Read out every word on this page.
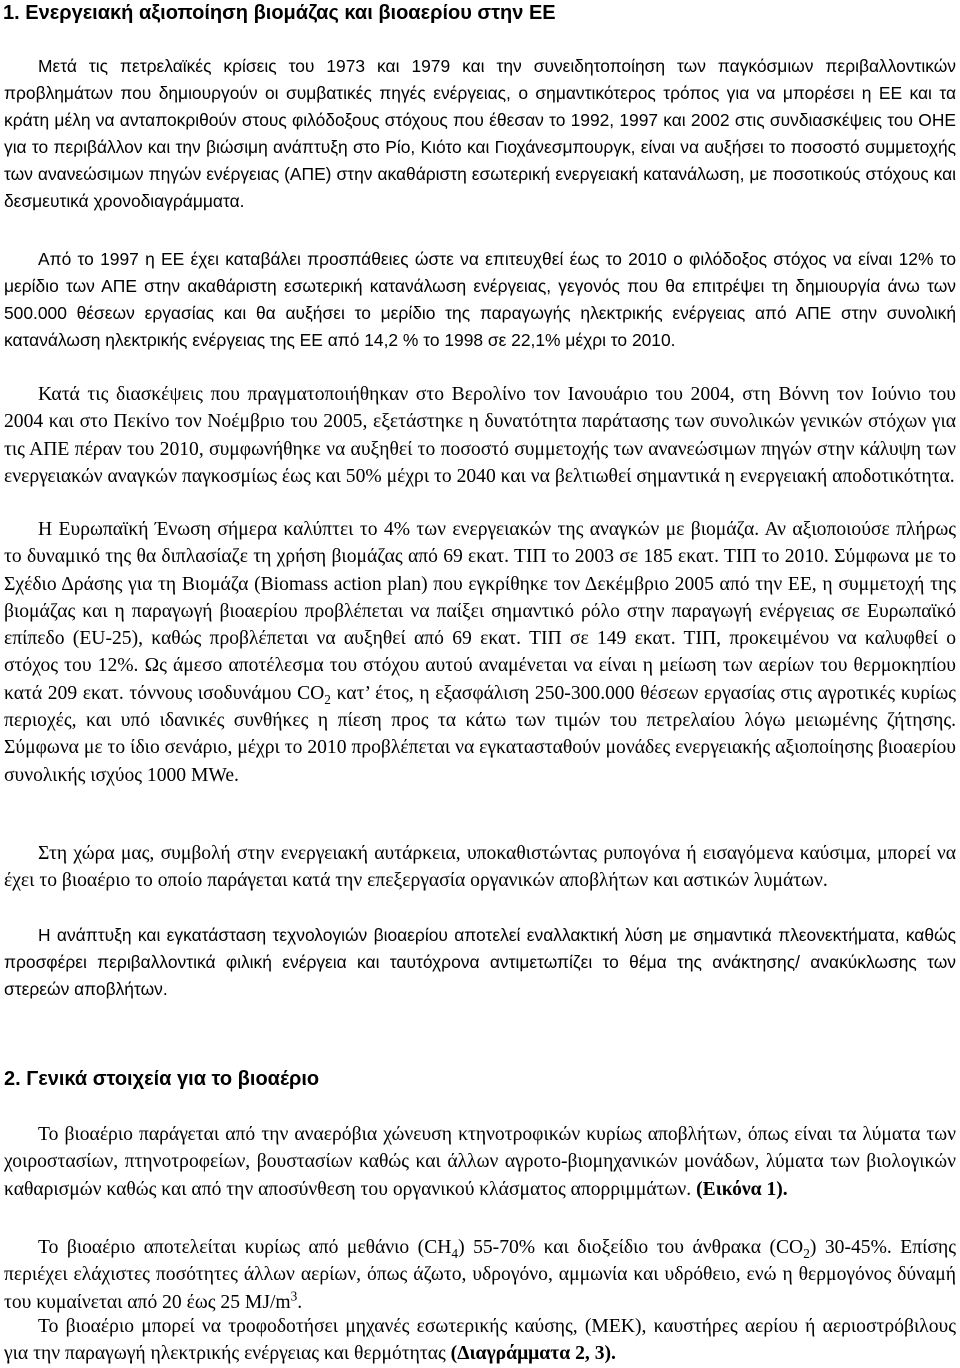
1. Ενεργειακή αξιοποίηση βιομάζας και βιοαερίου στην ΕΕ

Μετά τις πετρελαϊκές κρίσεις του 1973 και 1979 και την συνειδητοποίηση των παγκόσμιων περιβαλλοντικών προβλημάτων που δημιουργούν οι συμβατικές πηγές ενέργειας, ο σημαντικότερος τρόπος για να μπορέσει η ΕΕ και τα κράτη μέλη να ανταποκριθούν στους φιλόδοξους στόχους που έθεσαν το 1992, 1997 και 2002 στις συνδιασκέψεις του ΟΗΕ για το περιβάλλον και την βιώσιμη ανάπτυξη στο Ρίο, Κιότο και Γιοχάνεσμπουργκ, είναι να αυξήσει το ποσοστό συμμετοχής των ανανεώσιμων πηγών ενέργειας (ΑΠΕ) στην ακαθάριστη εσωτερική ενεργειακή κατανάλωση, με ποσοτικούς στόχους και δεσμευτικά χρονοδιαγράμματα.

Από το 1997 η ΕΕ έχει καταβάλει προσπάθειες ώστε να επιτευχθεί έως το 2010 ο φιλόδοξος στόχος να είναι 12% το μερίδιο των ΑΠΕ στην ακαθάριστη εσωτερική κατανάλωση ενέργειας, γεγονός που θα επιτρέψει τη δημιουργία άνω των 500.000 θέσεων εργασίας και θα αυξήσει το μερίδιο της παραγωγής ηλεκτρικής ενέργειας από ΑΠΕ στην συνολική κατανάλωση ηλεκτρικής ενέργειας της ΕΕ από 14,2 % το 1998 σε 22,1% μέχρι το 2010.

Κατά τις διασκέψεις που πραγματοποιήθηκαν στο Βερολίνο τον Ιανουάριο του 2004, στη Βόννη τον Ιούνιο του 2004 και στο Πεκίνο τον Νοέμβριο του 2005, εξετάστηκε η δυνατότητα παράτασης των συνολικών γενικών στόχων για τις ΑΠΕ πέραν του 2010, συμφωνήθηκε να αυξηθεί το ποσοστό συμμετοχής των ανανεώσιμων πηγών στην κάλυψη των ενεργειακών αναγκών παγκοσμίως έως και 50% μέχρι το 2040 και να βελτιωθεί σημαντικά η ενεργειακή αποδοτικότητα.

Η Ευρωπαϊκή Ένωση σήμερα καλύπτει το 4% των ενεργειακών της αναγκών με βιομάζα. Αν αξιοποιούσε πλήρως το δυναμικό της θα διπλασίαζε τη χρήση βιομάζας από 69 εκατ. ΤΙΠ το 2003 σε 185 εκατ. ΤΙΠ το 2010. Σύμφωνα με το Σχέδιο Δράσης για τη Βιομάζα (Biomass action plan) που εγκρίθηκε τον Δεκέμβριο 2005 από την ΕΕ, η συμμετοχή της βιομάζας και η παραγωγή βιοαερίου προβλέπεται να παίξει σημαντικό ρόλο στην παραγωγή ενέργειας σε Ευρωπαϊκό επίπεδο (EU-25), καθώς προβλέπεται να αυξηθεί από 69 εκατ. ΤΙΠ σε 149 εκατ. ΤΙΠ, προκειμένου να καλυφθεί ο στόχος του 12%. Ως άμεσο αποτέλεσμα του στόχου αυτού αναμένεται να είναι η μείωση των αερίων του θερμοκηπίου κατά 209 εκατ. τόννους ισοδυνάμου $CO_2$ κατ’ έτος, η εξασφάλιση 250-300.000 θέσεων εργασίας στις αγροτικές κυρίως περιοχές, και υπό ιδανικές συνθήκες η πίεση προς τα κάτω των τιμών του πετρελαίου λόγω μειωμένης ζήτησης. Σύμφωνα με το ίδιο σενάριο, μέχρι το 2010 προβλέπεται να εγκατασταθούν μονάδες ενεργειακής αξιοποίησης βιοαερίου συνολικής ισχύος 1000 MWe.

Στη χώρα μας, συμβολή στην ενεργειακή αυτάρκεια, υποκαθιστώντας ρυπογόνα ή εισαγόμενα καύσιμα, μπορεί να έχει το βιοαέριο το οποίο παράγεται κατά την επεξεργασία οργανικών αποβλήτων και αστικών λυμάτων.

Η ανάπτυξη και εγκατάσταση τεχνολογιών βιοαερίου αποτελεί εναλλακτική λύση με σημαντικά πλεονεκτήματα, καθώς προσφέρει περιβαλλοντικά φιλική ενέργεια και ταυτόχρονα αντιμετωπίζει το θέμα της ανάκτησης/ ανακύκλωσης των στερεών αποβλήτων.

2. Γενικά στοιχεία για το βιοαέριο

Το βιοαέριο παράγεται από την αναερόβια χώνευση κτηνοτροφικών κυρίως αποβλήτων, όπως είναι τα λύματα των χοιροστασίων, πτηνοτροφείων, βουστασίων καθώς και άλλων αγροτο-βιομηχανικών μονάδων, λύματα των βιολογικών καθαρισμών καθώς και από την αποσύνθεση του οργανικού κλάσματος απορριμμάτων. (Εικόνα 1).

Το βιοαέριο αποτελείται κυρίως από μεθάνιο $(CH_4)$ 55-70% και διοξείδιο του άνθρακα $(CO_2)$ 30-45%. Επίσης περιέχει ελάχιστες ποσότητες άλλων αερίων, όπως άζωτο, υδρογόνο, αμμωνία και υδρόθειο, ενώ η θερμογόνος δύναμή του κυμαίνεται από 20 έως 25 $MJ/m^3$.

Το βιοαέριο μπορεί να τροφοδοτήσει μηχανές εσωτερικής καύσης, (ΜΕΚ), καυστήρες αερίου ή αεριοστρόβιλους για την παραγωγή ηλεκτρικής ενέργειας και θερμότητας (Διαγράμματα 2, 3).
